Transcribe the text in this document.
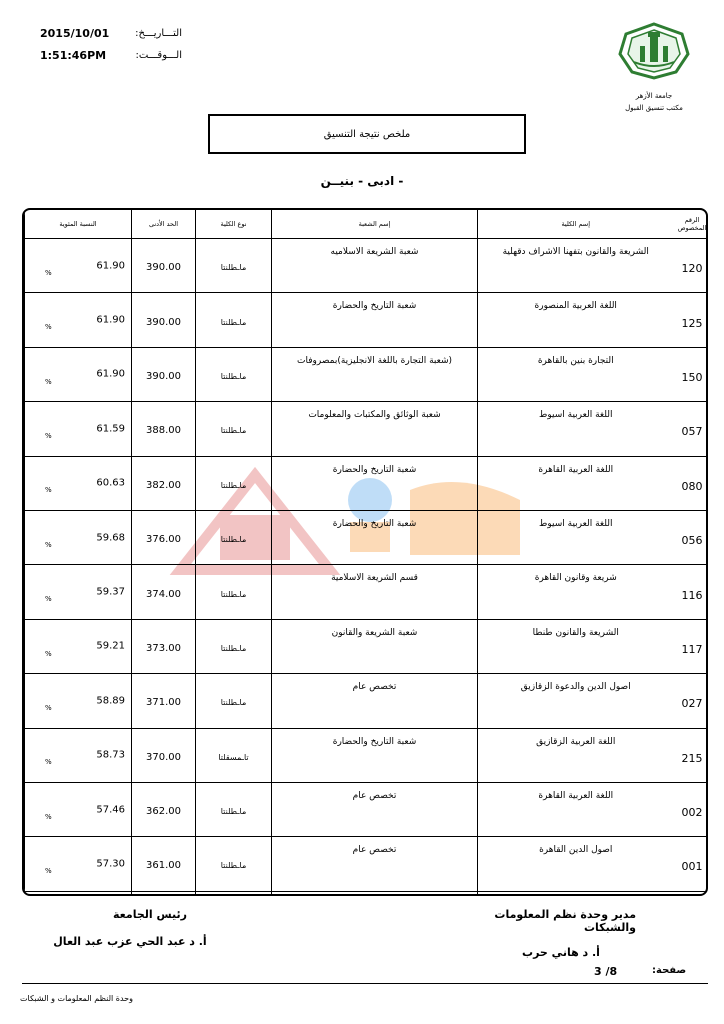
2015/10/01	التـــاريـــخ:
1:51:46PM	الـــوقـــت:
جامعة الأزهر
مكتب تنسيق القبول
ملخص نتيجة التنسيق
- ادبى - بنيــن
النسبة المئوية	الحد الأدنى	نوع الكلية	إسم الشعبة	إسم الكلية	الرقم المخصوص

%
61.90	390.00	ماـطلنتا	شعبة الشريعة الاسلاميه	الشريعة والقانون بتفهنا الاشراف دقهلية	120

%
61.90	390.00	ماـطلنتا	شعبة التاريخ والحضارة	اللغة العربية المنصورة	125

%
61.90	390.00	ماـطلنتا	(شعبة التجارة باللغة الانجليزية)بمصروفات	التجارة بنين بالقاهرة	150

%
61.59	388.00	ماـطلنتا	شعبة الوثائق والمكتبات والمعلومات	اللغة العربية اسيوط	057

%
60.63	382.00	ماـطلنتا	شعبة التاريخ والحضارة	اللغة العربية القاهرة	080

%
59.68	376.00	ماـطلنتا	شعبة التاريخ والحضارة	اللغة العربية اسيوط	056

%
59.37	374.00	ماـطلنتا	قسم الشريعة الاسلامية	شريعة وقانون القاهرة	116

%
59.21	373.00	ماـطلنتا	شعبة الشريعة والقانون	الشريعة والقانون طنطا	117

%
58.89	371.00	ماـطلنتا	تخصص عام	اصول الدين والدعوة الزقازيق	027

%
58.73	370.00	تاـمسقلتا	شعبة التاريخ والحضارة	اللغة العربية الزقازيق	215

%
57.46	362.00	ماـطلنتا	تخصص عام	اللغة العربية القاهرة	002

%
57.30	361.00	ماـطلنتا	تخصص عام	اصول الدين القاهرة	001

مدير وحدة نظم المعلومات والشبكات
أ. د هاني حرب
رئيس الجامعة
أ. د عبد الحي عزب عبد العال
صفحة:
3 /8
وحدة النظم المعلومات و الشبكات
